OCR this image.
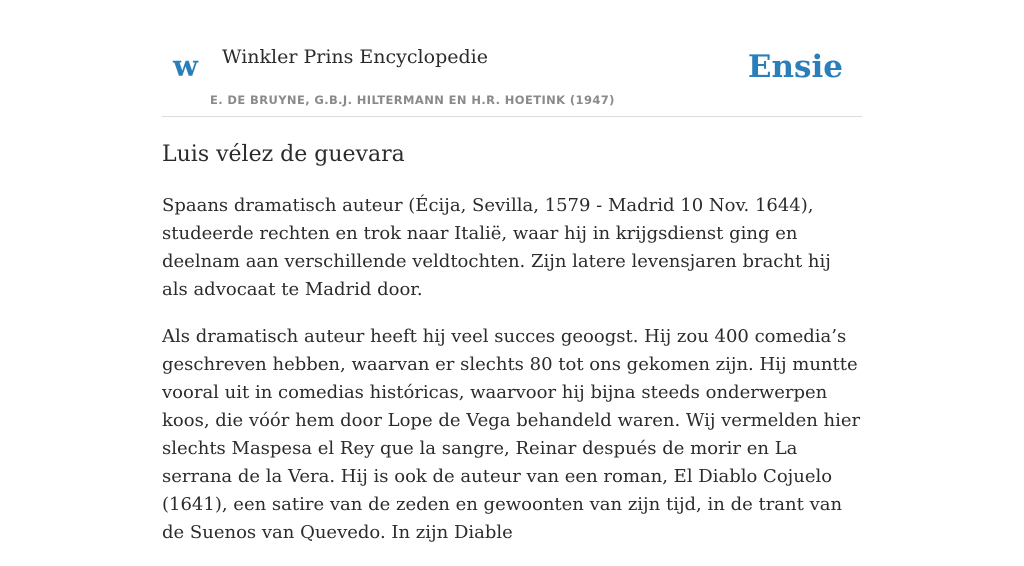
w Winkler Prins Encyclopedie
E. DE BRUYNE, G.B.J. HILTERMANN EN H.R. HOETINK (1947)
Ensie
Luis vélez de guevara

Spaans dramatisch auteur (Écija, Sevilla, 1579 - Madrid 10 Nov. 1644), studeerde rechten en trok naar Italië, waar hij in krijgsdienst ging en deelnam aan verschillende veldtochten. Zijn latere levensjaren bracht hij als advocaat te Madrid door.

Als dramatisch auteur heeft hij veel succes geoogst. Hij zou 400 comedia’s geschreven hebben, waarvan er slechts 80 tot ons gekomen zijn. Hij muntte vooral uit in comedias históricas, waarvoor hij bijna steeds onderwerpen koos, die vóór hem door Lope de Vega behandeld waren. Wij vermelden hier slechts Maspesa el Rey que la sangre, Reinar después de morir en La serrana de la Vera. Hij is ook de auteur van een roman, El Diablo Cojuelo (1641), een satire van de zeden en gewoonten van zijn tijd, in de trant van de Suenos van Quevedo. In zijn Diable
